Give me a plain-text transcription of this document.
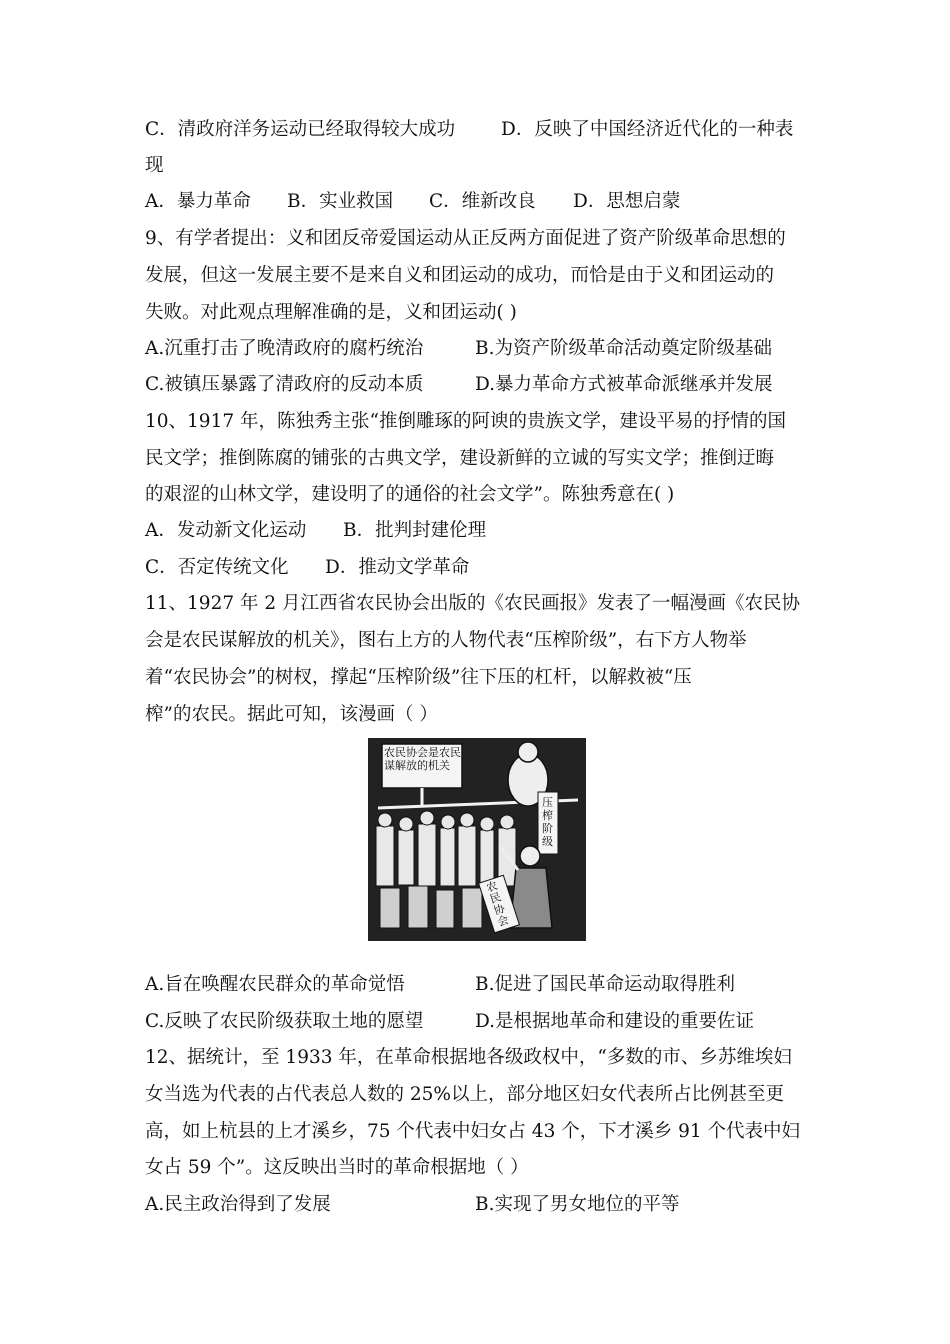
C．清政府洋务运动已经取得较大成功 D．反映了中国经济近代化的一种表
现
A．暴力革命 B．实业救国 C．维新改良 D．思想启蒙
9、有学者提出：义和团反帝爱国运动从正反两方面促进了资产阶级革命思想的
发展，但这一发展主要不是来自义和团运动的成功，而恰是由于义和团运动的
失败。对此观点理解准确的是，义和团运动( )
A.沉重打击了晚清政府的腐朽统治	B.为资产阶级革命活动奠定阶级基础
C.被镇压暴露了清政府的反动本质	D.暴力革命方式被革命派继承并发展
10、1917 年，陈独秀主张“推倒雕琢的阿谀的贵族文学，建设平易的抒情的国
民文学；推倒陈腐的铺张的古典文学，建设新鲜的立诚的写实文学；推倒迂晦
的艰涩的山林文学，建设明了的通俗的社会文学”。陈独秀意在( )
A．发动新文化运动 B．批判封建伦理
C．否定传统文化 D．推动文学革命
11、1927 年 2 月江西省农民协会出版的《农民画报》发表了一幅漫画《农民协
会是农民谋解放的机关》，图右上方的人物代表“压榨阶级”，右下方人物举
着“农民协会”的树杈，撑起“压榨阶级”往下压的杠杆，以解救被“压
榨”的农民。据此可知，该漫画（ ）
农民协会是农民谋解放的机关
压榨阶级
农民协会
A.旨在唤醒农民群众的革命觉悟	B.促进了国民革命运动取得胜利
C.反映了农民阶级获取土地的愿望	D.是根据地革命和建设的重要佐证
12、据统计，至 1933 年，在革命根据地各级政权中，“多数的市、乡苏维埃妇
女当选为代表的占代表总人数的 25%以上，部分地区妇女代表所占比例甚至更
高，如上杭县的上才溪乡，75 个代表中妇女占 43 个，下才溪乡 91 个代表中妇
女占 59 个”。这反映出当时的革命根据地（ ）
A.民主政治得到了发展	B.实现了男女地位的平等
